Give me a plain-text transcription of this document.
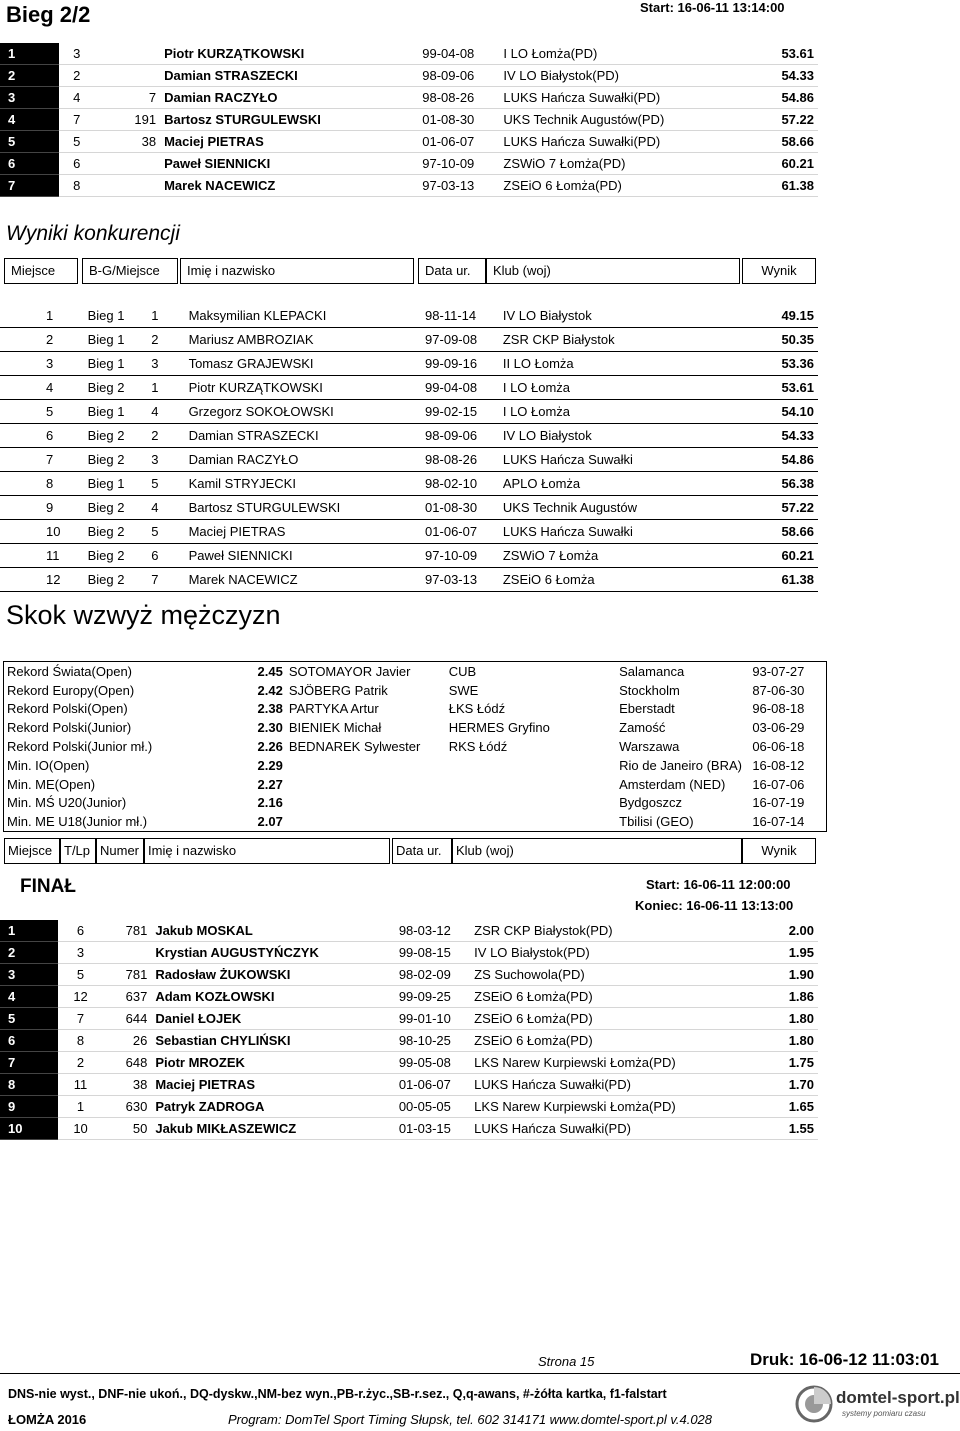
Bieg 2/2	Start: 16-06-11 13:14:00
1	3		Piotr KURZĄTKOWSKI	99-04-08	I LO Łomża(PD)	53.61
2	2		Damian STRASZECKI	98-09-06	IV LO Białystok(PD)	54.33
3	4	7	Damian RACZYŁO	98-08-26	LUKS Hańcza Suwałki(PD)	54.86
4	7	191	Bartosz STURGULEWSKI	01-08-30	UKS Technik Augustów(PD)	57.22
5	5	38	Maciej PIETRAS	01-06-07	LUKS Hańcza Suwałki(PD)	58.66
6	6		Paweł SIENNICKI	97-10-09	ZSWiO 7 Łomża(PD)	60.21
7	8		Marek NACEWICZ	97-03-13	ZSEiO 6 Łomża(PD)	61.38
Wyniki konkurencji
Miejsce	B-G/Miejsce	Imię i nazwisko	Data ur.	Klub (woj)	Wynik
1	Bieg 1	1	Maksymilian KLEPACKI	98-11-14	IV LO Białystok	49.15
2	Bieg 1	2	Mariusz AMBROZIAK	97-09-08	ZSR CKP Białystok	50.35
3	Bieg 1	3	Tomasz GRAJEWSKI	99-09-16	II LO Łomża	53.36
4	Bieg 2	1	Piotr KURZĄTKOWSKI	99-04-08	I LO Łomża	53.61
5	Bieg 1	4	Grzegorz SOKOŁOWSKI	99-02-15	I LO Łomża	54.10
6	Bieg 2	2	Damian STRASZECKI	98-09-06	IV LO Białystok	54.33
7	Bieg 2	3	Damian RACZYŁO	98-08-26	LUKS Hańcza Suwałki	54.86
8	Bieg 1	5	Kamil STRYJECKI	98-02-10	APLO Łomża	56.38
9	Bieg 2	4	Bartosz STURGULEWSKI	01-08-30	UKS Technik Augustów	57.22
10	Bieg 2	5	Maciej PIETRAS	01-06-07	LUKS Hańcza Suwałki	58.66
11	Bieg 2	6	Paweł SIENNICKI	97-10-09	ZSWiO 7 Łomża	60.21
12	Bieg 2	7	Marek NACEWICZ	97-03-13	ZSEiO 6 Łomża	61.38
Skok wzwyż mężczyzn
Rekord Świata(Open)	2.45	SOTOMAYOR Javier	CUB	Salamanca	93-07-27
Rekord Europy(Open)	2.42	SJÖBERG Patrik	SWE	Stockholm	87-06-30
Rekord Polski(Open)	2.38	PARTYKA Artur	ŁKS Łódź	Eberstadt	96-08-18
Rekord Polski(Junior)	2.30	BIENIEK Michał	HERMES Gryfino	Zamość	03-06-29
Rekord Polski(Junior mł.)	2.26	BEDNAREK Sylwester	RKS Łódź	Warszawa	06-06-18
Min. IO(Open)	2.29			Rio de Janeiro (BRA)	16-08-12
Min. ME(Open)	2.27			Amsterdam (NED)	16-07-06
Min. MŚ U20(Junior)	2.16			Bydgoszcz	16-07-19
Min. ME U18(Junior mł.)	2.07			Tbilisi (GEO)	16-07-14
Miejsce T/Lp Numer Imię i nazwisko	Data ur.	Klub (woj)	Wynik
FINAŁ	Start: 16-06-11 12:00:00
Koniec: 16-06-11 13:13:00
1	6	781	Jakub MOSKAL	98-03-12	ZSR CKP Białystok(PD)	2.00
2	3		Krystian AUGUSTYŃCZYK	99-08-15	IV LO Białystok(PD)	1.95
3	5	781	Radosław ŻUKOWSKI	98-02-09	ZS Suchowola(PD)	1.90
4	12	637	Adam KOZŁOWSKI	99-09-25	ZSEiO 6 Łomża(PD)	1.86
5	7	644	Daniel ŁOJEK	99-01-10	ZSEiO 6 Łomża(PD)	1.80
6	8	26	Sebastian CHYLIŃSKI	98-10-25	ZSEiO 6 Łomża(PD)	1.80
7	2	648	Piotr MROZEK	99-05-08	LKS Narew Kurpiewski Łomża(PD)	1.75
8	11	38	Maciej PIETRAS	01-06-07	LUKS Hańcza Suwałki(PD)	1.70
9	1	630	Patryk ZADROGA	00-05-05	LKS Narew Kurpiewski Łomża(PD)	1.65
10	10	50	Jakub MIKŁASZEWICZ	01-03-15	LUKS Hańcza Suwałki(PD)	1.55
Strona 15	Druk: 16-06-12 11:03:01
DNS-nie wyst., DNF-nie ukoń., DQ-dyskw.,NM-bez wyn.,PB-r.życ.,SB-r.sez., Q,q-awans, #-żółta kartka, f1-falstart
ŁOMŻA 2016	Program: DomTel Sport Timing Słupsk, tel. 602 314171 www.domtel-sport.pl v.4.028
domtel-sport.pl
systemy pomiaru czasu
